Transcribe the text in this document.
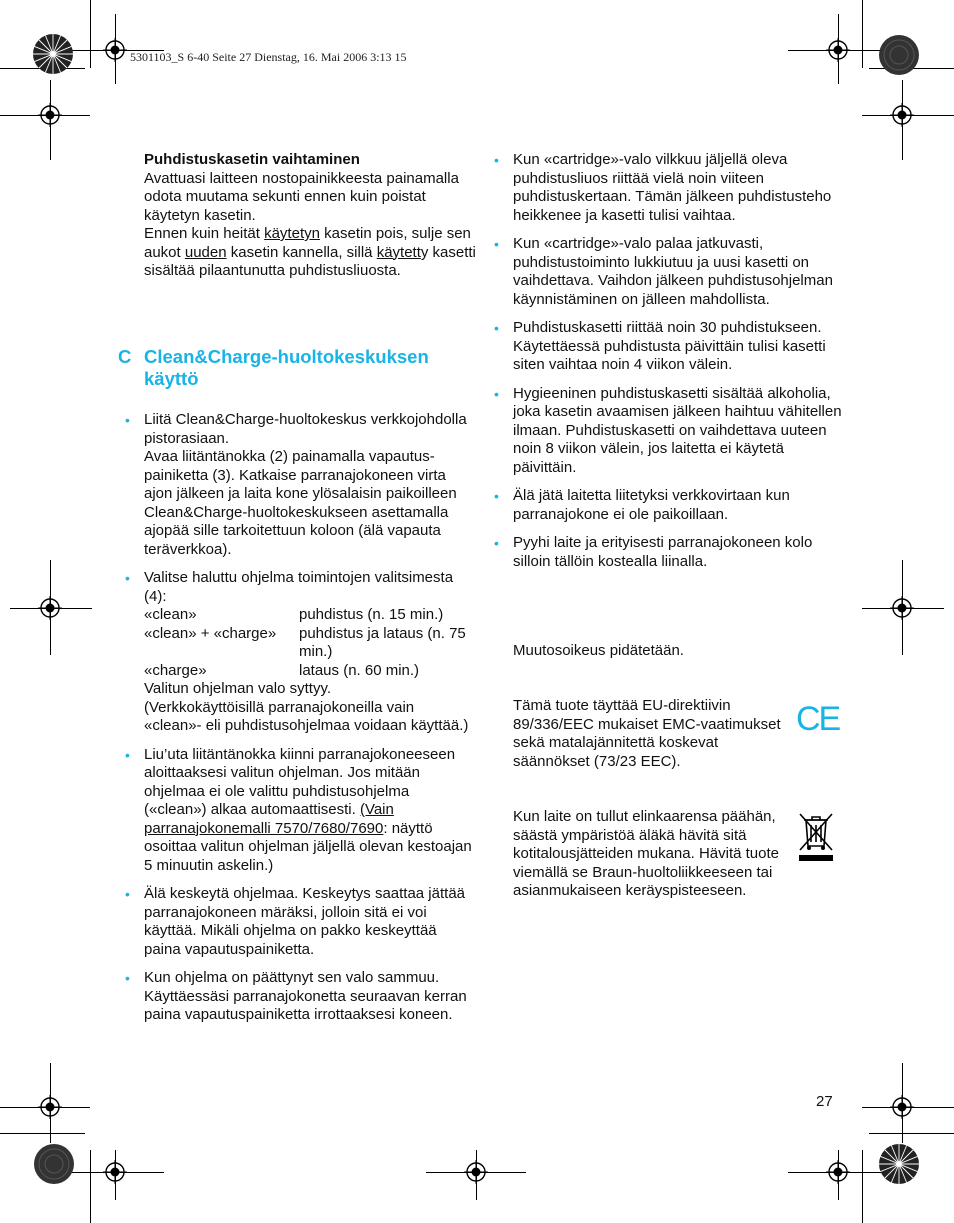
5301103_S 6-40 Seite 27 Dienstag, 16. Mai 2006 3:13 15

Puhdistuskasetin vaihtaminen

Avattuasi laitteen nostopainikkeesta painamalla odota muutama sekunti ennen kuin poistat käytetyn kasetin.

Ennen kuin heität käytetyn kasetin pois, sulje sen aukot uuden kasetin kannella, sillä käytetty kasetti sisältää pilaantunutta puhdistusliuosta.

C Clean&Charge-huoltokeskuksen käyttö

• Liitä Clean&Charge-huoltokeskus verkkojohdolla pistorasiaan.

Avaa liitäntänokka (2) painamalla vapautuspainiketta (3). Katkaise parranajokoneen virta ajon jälkeen ja laita kone ylösalaisin paikoilleen Clean&Charge-huoltokeskukseen asettamalla ajopää sille tarkoitettuun koloon (älä vapauta teräverkkoa).

• Valitse haluttu ohjelma toimintojen valitsimesta (4):

«clean»	puhdistus (n. 15 min.)
«clean» + «charge»	puhdistus ja lataus (n. 75 min.)
«charge»	lataus (n. 60 min.)

Valitun ohjelman valo syttyy.

(Verkkokäyttöisillä parranajokoneilla vain «clean»- eli puhdistusohjelmaa voidaan käyttää.)

• Liu’uta liitäntänokka kiinni parranajokoneeseen aloittaaksesi valitun ohjelman. Jos mitään ohjelmaa ei ole valittu puhdistusohjelma («clean») alkaa automaattisesti. (Vain parranajokonemalli 7570/7680/7690: näyttö osoittaa valitun ohjelman jäljellä olevan kestoajan 5 minuutin askelin.)

• Älä keskeytä ohjelmaa. Keskeytys saattaa jättää parranajokoneen märäksi, jolloin sitä ei voi käyttää. Mikäli ohjelma on pakko keskeyttää paina vapautuspainiketta.

• Kun ohjelma on päättynyt sen valo sammuu. Käyttäessäsi parranajokonetta seuraavan kerran paina vapautuspainiketta irrottaaksesi koneen.

• Kun «cartridge»-valo vilkkuu jäljellä oleva puhdistusliuos riittää vielä noin viiteen puhdistuskertaan. Tämän jälkeen puhdistusteho heikkenee ja kasetti tulisi vaihtaa.
• Kun «cartridge»-valo palaa jatkuvasti, puhdistustoiminto lukkiutuu ja uusi kasetti on vaihdettava. Vaihdon jälkeen puhdistusohjelman käynnistäminen on jälleen mahdollista.
• Puhdistuskasetti riittää noin 30 puhdistukseen. Käytettäessä puhdistusta päivittäin tulisi kasetti siten vaihtaa noin 4 viikon välein.
• Hygieeninen puhdistuskasetti sisältää alkoholia, joka kasetin avaamisen jälkeen haihtuu vähitellen ilmaan. Puhdistuskasetti on vaihdettava uuteen noin 8 viikon välein, jos laitetta ei käytetä päivittäin.
• Älä jätä laitetta liitetyksi verkkovirtaan kun parranajokone ei ole paikoillaan.
• Pyyhi laite ja erityisesti parranajokoneen kolo silloin tällöin kostealla liinalla.
Muutosoikeus pidätetään.
Tämä tuote täyttää EU-direktiivin 89/336/EEC mukaiset EMC-vaatimukset sekä matalajännitettä koskevat säännökset (73/23 EEC).
CE
Kun laite on tullut elinkaarensa päähän, säästä ympäristöä äläkä hävitä sitä kotitalousjätteiden mukana. Hävitä tuote viemällä se Braun-huoltoliikkeeseen tai asianmukaiseen keräyspisteeseen.
27
